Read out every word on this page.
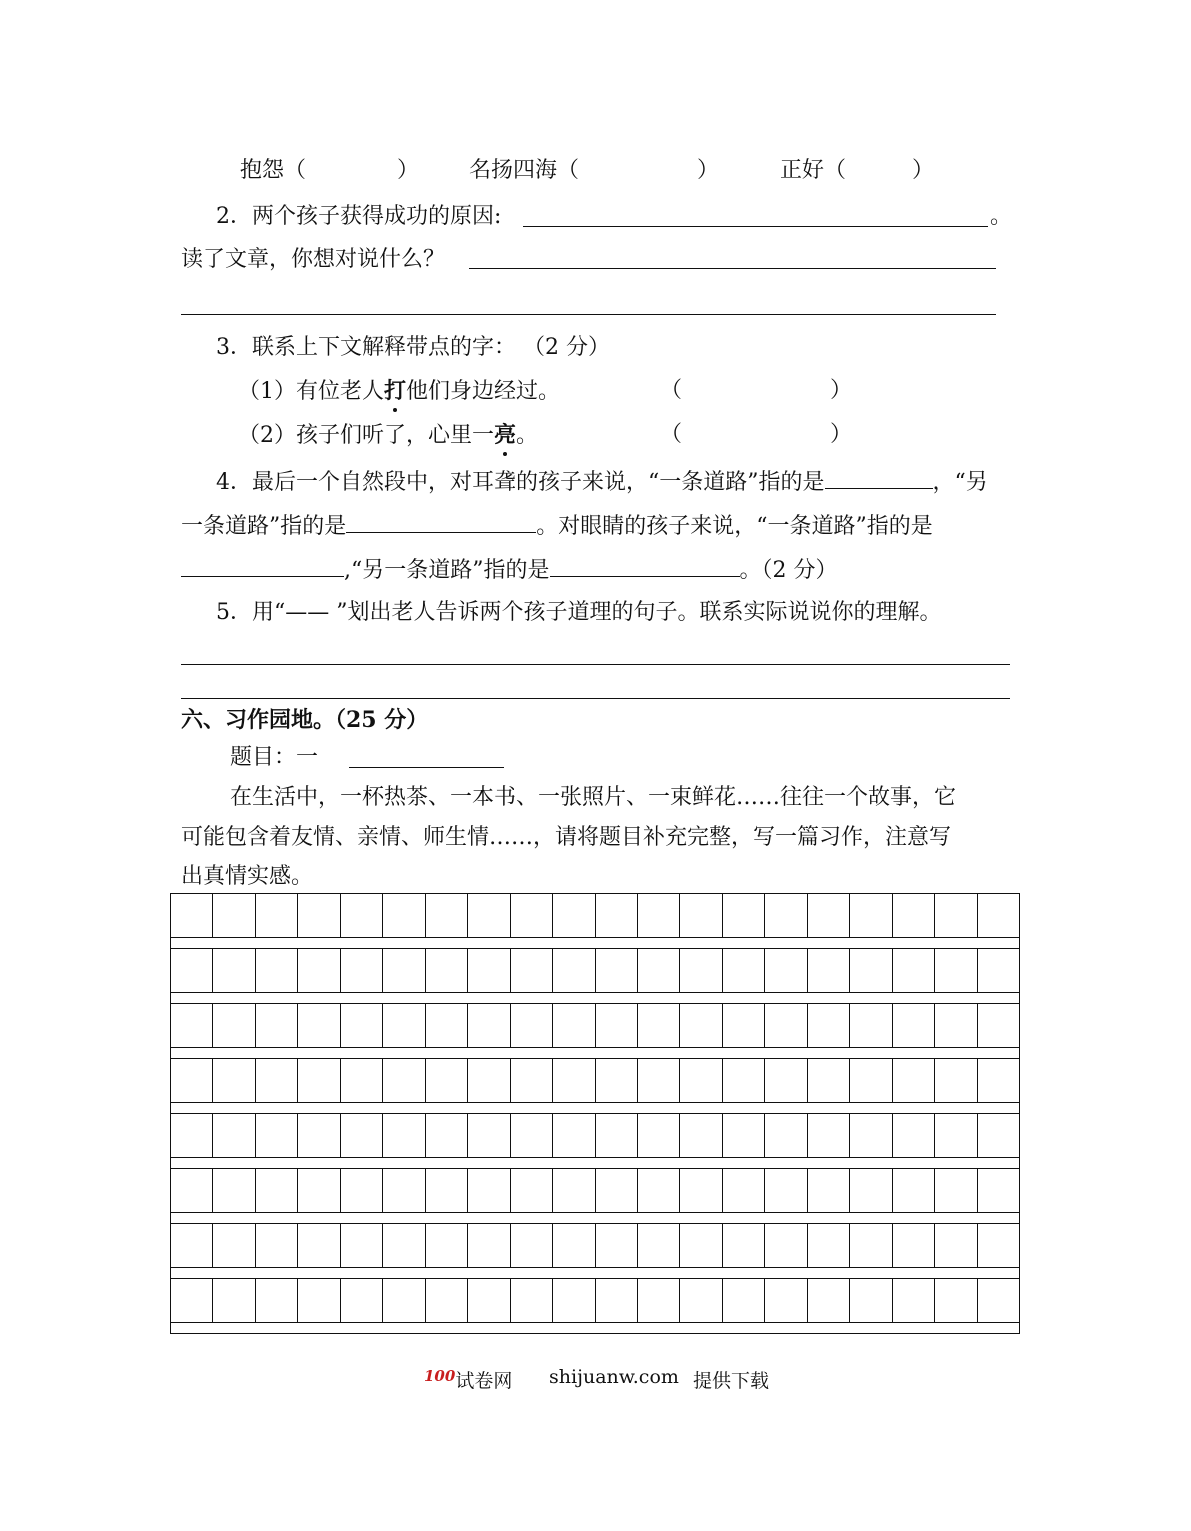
抱怨（	） 名扬四海（	）	正好（	）
2．两个孩子获得成功的原因:	。
读了文章，你想对说什么？
3．联系上下文解释带点的字： （2 分）
（1）有位老人打他们身边经过。	（	）
（2）孩子们听了，心里一亮。	（	）
4．最后一个自然段中，对耳聋的孩子来说，“一条道路”指的是	，“另
一条道路”指的是	。对眼睛的孩子来说，“一条道路”指的是
,“另一条道路”指的是	。（2 分）
5．用“—— ”划出老人告诉两个孩子道理的句子。联系实际说说你的理解。
六、习作园地。（25 分）
题目：一
在生活中，一杯热茶、一本书、一张照片、一束鲜花……往往一个故事，它
可能包含着友情、亲情、师生情……，请将题目补充完整，写一篇习作，注意写
出真情实感。
$^{100}$试卷网 shijuanw.com 提供下载
